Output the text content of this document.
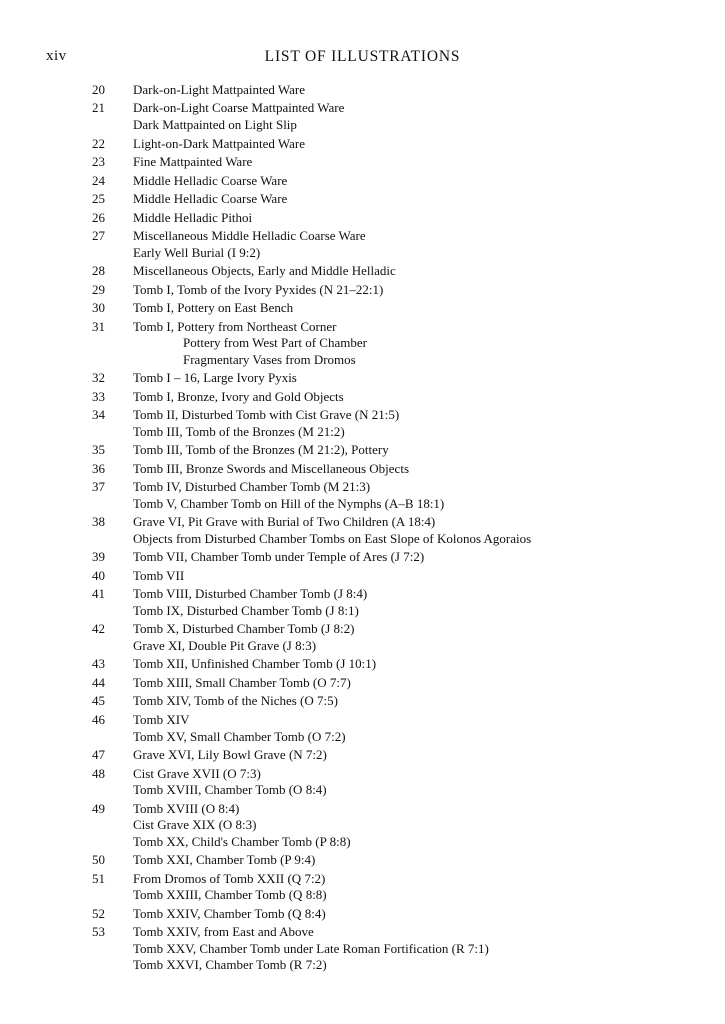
xiv	LIST OF ILLUSTRATIONS
20	Dark-on-Light Mattpainted Ware
21	Dark-on-Light Coarse Mattpainted Ware
Dark Mattpainted on Light Slip
22	Light-on-Dark Mattpainted Ware
23	Fine Mattpainted Ware
24	Middle Helladic Coarse Ware
25	Middle Helladic Coarse Ware
26	Middle Helladic Pithoi
27	Miscellaneous Middle Helladic Coarse Ware
Early Well Burial (I 9:2)
28	Miscellaneous Objects, Early and Middle Helladic
29	Tomb I, Tomb of the Ivory Pyxides (N 21–22:1)
30	Tomb I, Pottery on East Bench
31	Tomb I, Pottery from Northeast Corner
Pottery from West Part of Chamber
Fragmentary Vases from Dromos
32	Tomb I – 16, Large Ivory Pyxis
33	Tomb I, Bronze, Ivory and Gold Objects
34	Tomb II, Disturbed Tomb with Cist Grave (N 21:5)
Tomb III, Tomb of the Bronzes (M 21:2)
35	Tomb III, Tomb of the Bronzes (M 21:2), Pottery
36	Tomb III, Bronze Swords and Miscellaneous Objects
37	Tomb IV, Disturbed Chamber Tomb (M 21:3)
Tomb V, Chamber Tomb on Hill of the Nymphs (A–B 18:1)
38	Grave VI, Pit Grave with Burial of Two Children (A 18:4)
Objects from Disturbed Chamber Tombs on East Slope of Kolonos Agoraios
39	Tomb VII, Chamber Tomb under Temple of Ares (J 7:2)
40	Tomb VII
41	Tomb VIII, Disturbed Chamber Tomb (J 8:4)
Tomb IX, Disturbed Chamber Tomb (J 8:1)
42	Tomb X, Disturbed Chamber Tomb (J 8:2)
Grave XI, Double Pit Grave (J 8:3)
43	Tomb XII, Unfinished Chamber Tomb (J 10:1)
44	Tomb XIII, Small Chamber Tomb (O 7:7)
45	Tomb XIV, Tomb of the Niches (O 7:5)
46	Tomb XIV
Tomb XV, Small Chamber Tomb (O 7:2)
47	Grave XVI, Lily Bowl Grave (N 7:2)
48	Cist Grave XVII (O 7:3)
Tomb XVIII, Chamber Tomb (O 8:4)
49	Tomb XVIII (O 8:4)
Cist Grave XIX (O 8:3)
Tomb XX, Child's Chamber Tomb (P 8:8)
50	Tomb XXI, Chamber Tomb (P 9:4)
51	From Dromos of Tomb XXII (Q 7:2)
Tomb XXIII, Chamber Tomb (Q 8:8)
52	Tomb XXIV, Chamber Tomb (Q 8:4)
53	Tomb XXIV, from East and Above
Tomb XXV, Chamber Tomb under Late Roman Fortification (R 7:1)
Tomb XXVI, Chamber Tomb (R 7:2)
